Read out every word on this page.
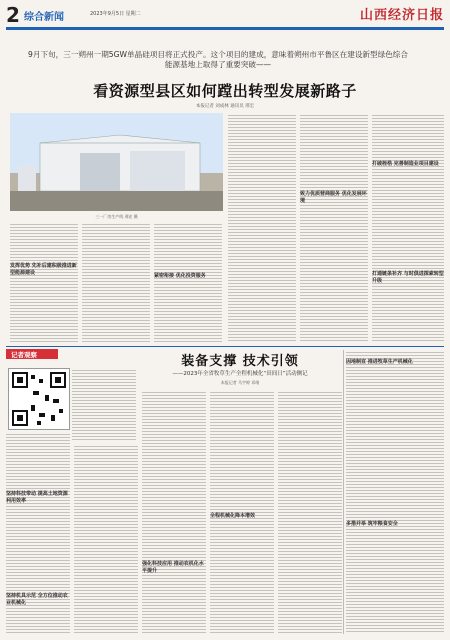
2 综合新闻	2023年9月5日 星期二	山西经济日报
9月下旬，三一朔州一期5GW单晶硅项目将正式投产。这个项目的建成，意味着朔州市平鲁区在建设新型绿色综合能源基地上取得了重要突破——
看资源型县区如何蹚出转型发展新路子
本报记者 刘成林 通讯员 邢宏
三一厂房生产线 邢宏 摄
发挥优势 先补后建积极推进新型能源建设	紧密衔接 优化投资服务
致力优质营商服务 优化发展环境
打破桎梏 完善制造业项目建设
打通链条补齐 与时俱进探索转型升级
记者观察	装备支撑 技术引领
——2023年全省牧草生产全程机械化“田间日”活动侧记
本报记者 马宇婷 邓绪
坚持科技带动 提高土地资源利用效率
坚持机具示范 全方位推动农业机械化
强化科技应用 推动农机化水平提升
全程机械化降本增效
因地制宜 推进牧草生产机械化
多措并举 筑牢粮食安全
